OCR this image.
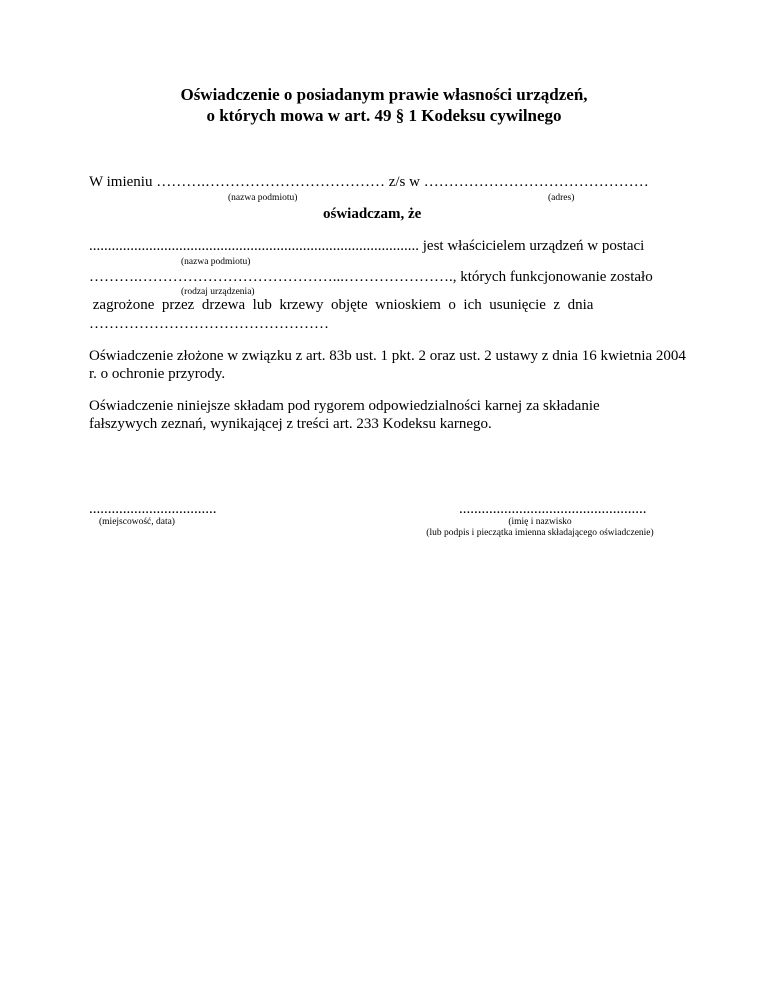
Oświadczenie o posiadanym prawie własności urządzeń,
o których mowa w art. 49 § 1 Kodeksu cywilnego
W imieniu ……….……………………………… z/s w ………………………………………
(nazwa podmiotu)	(adres)
oświadczam, że
........................................................................................ jest właścicielem urządzeń w postaci
(nazwa podmiotu)
……….…………………………………...…………………., których funkcjonowanie zostało
(rodzaj urządzenia)
zagrożone  przez  drzewa  lub  krzewy  objęte  wnioskiem  o  ich  usunięcie  z  dnia
…………………………………………
Oświadczenie złożone w związku z art. 83b ust. 1 pkt. 2 oraz ust. 2 ustawy z dnia 16 kwietnia 2004 r. o ochronie przyrody.
Oświadczenie niniejsze składam pod rygorem odpowiedzialności karnej za składanie fałszywych zeznań, wynikającej z treści art. 233 Kodeksu karnego.
..................................
(miejscowość, data)
..................................................
(imię i nazwisko
(lub podpis i pieczątka imienna składającego oświadczenie)
